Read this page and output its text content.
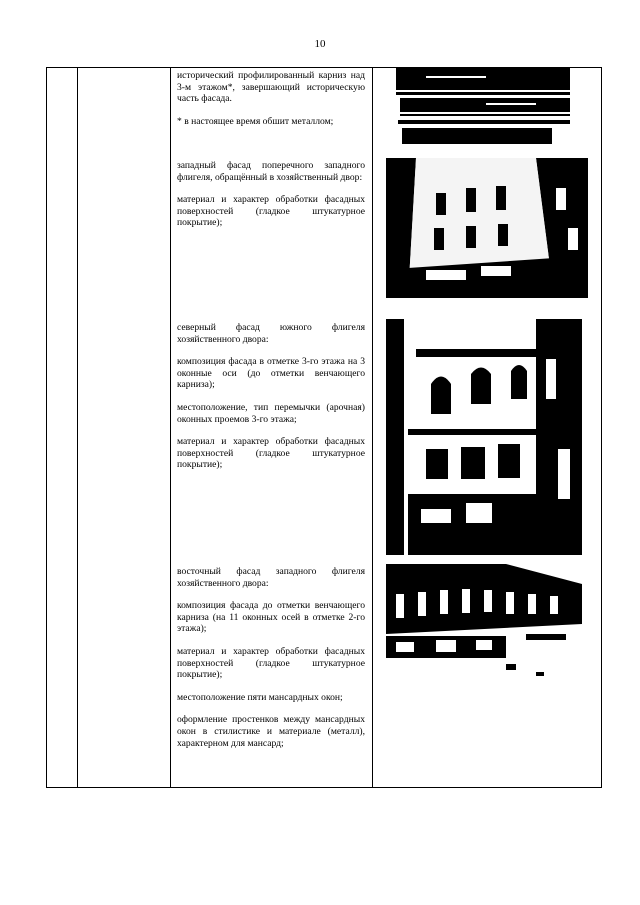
10

исторический профилированный карниз над 3-м этажом*, завершающий историческую часть фасада.

* в настоящее время обшит металлом;

западный фасад поперечного западного флигеля, обращённый в хозяйственный двор:

материал и характер обработки фасадных поверхностей (гладкое штукатурное покрытие);

северный фасад южного флигеля хозяйственного двора:

композиция фасада в отметке 3-го этажа на 3 оконные оси (до отметки венчающего карниза);

местоположение, тип перемычки (арочная) оконных проемов 3-го этажа;

материал и характер обработки фасадных поверхностей (гладкое штукатурное покрытие);

восточный фасад западного флигеля хозяйственного двора:

композиция фасада до отметки венчающего карниза (на 11 оконных осей в отметке 2-го этажа);

материал и характер обработки фасадных поверхностей (гладкое штукатурное покрытие);

местоположение пяти мансардных окон;

оформление простенков между мансардных окон в стилистике и материале (металл), характерном для мансард;
